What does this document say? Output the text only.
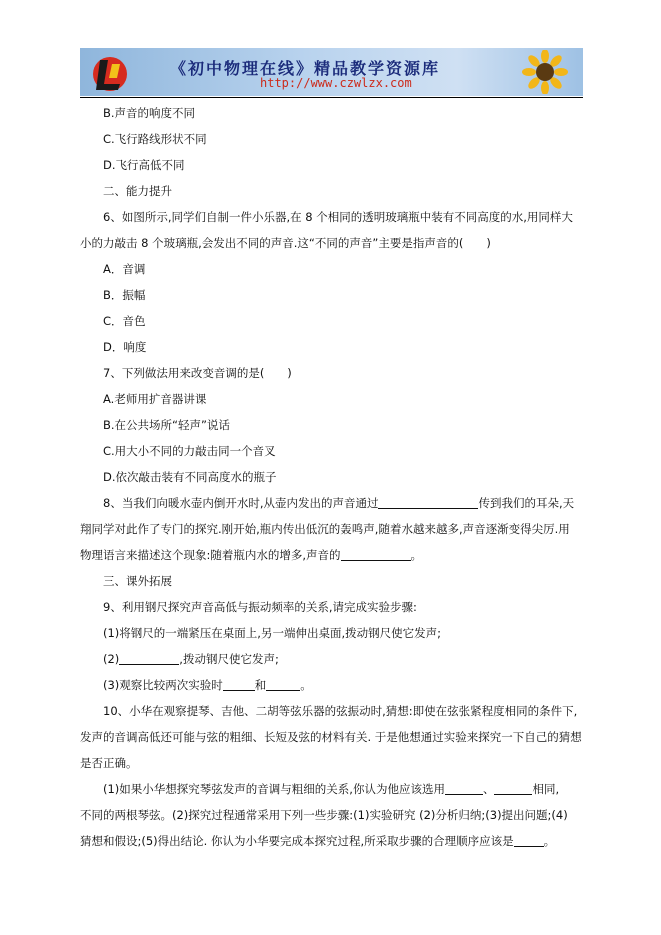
《初中物理在线》精品教学资源库
http://www.czwlzx.com
B.声音的响度不同
C.飞行路线形状不同
D.飞行高低不同
二、能力提升
6、如图所示,同学们自制一件小乐器,在 8 个相同的透明玻璃瓶中装有不同高度的水,用同样大
小的力敲击 8 个玻璃瓶,会发出不同的声音.这“不同的声音”主要是指声音的(　　)
A．音调
B．振幅
C．音色
D．响度
7、下列做法用来改变音调的是(　　)
A.老师用扩音器讲课
B.在公共场所“轻声”说话
C.用大小不同的力敲击同一个音叉
D.依次敲击装有不同高度水的瓶子
8、当我们向暖水壶内倒开水时,从壶内发出的声音通过	传到我们的耳朵,天
翔同学对此作了专门的探究.刚开始,瓶内传出低沉的轰鸣声,随着水越来越多,声音逐渐变得尖厉.用
物理语言来描述这个现象:随着瓶内水的增多,声音的	。
三、课外拓展
9、利用钢尺探究声音高低与振动频率的关系,请完成实验步骤:
(1)将钢尺的一端紧压在桌面上,另一端伸出桌面,拨动钢尺使它发声;
(2)	,拨动钢尺使它发声;
(3)观察比较两次实验时	和	。
10、小华在观察提琴、吉他、二胡等弦乐器的弦振动时,猜想:即使在弦张紧程度相同的条件下,
发声的音调高低还可能与弦的粗细、长短及弦的材料有关. 于是他想通过实验来探究一下自己的猜想
是否正确。
(1)如果小华想探究琴弦发声的音调与粗细的关系,你认为他应该选用	、	相同,
不同的两根琴弦。(2)探究过程通常采用下列一些步骤:(1)实验研究 (2)分析归纳;(3)提出问题;(4)
猜想和假设;(5)得出结论. 你认为小华要完成本探究过程,所采取步骤的合理顺序应该是	。
